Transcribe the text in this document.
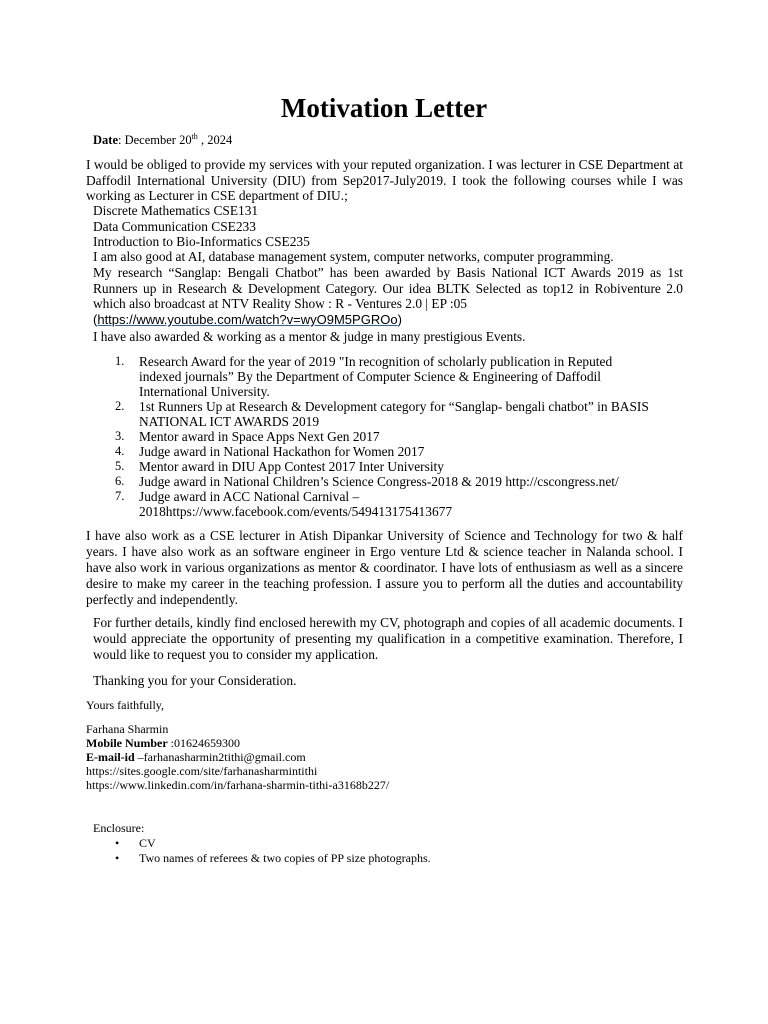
Motivation Letter
Date: December 20th , 2024

I would be obliged to provide my services with your reputed organization. I was lecturer in CSE Department at Daffodil International University (DIU) from Sep2017-July2019. I took the following courses while I was working as Lecturer in CSE department of DIU.;

Discrete Mathematics CSE131
Data Communication CSE233
Introduction to Bio-Informatics CSE235
I am also good at AI, database management system, computer networks, computer programming.

My research “Sanglap: Bengali Chatbot” has been awarded by Basis National ICT Awards 2019 as 1st Runners up in Research & Development Category. Our idea BLTK Selected as top12 in Robiventure 2.0 which also broadcast at NTV Reality Show : R - Ventures 2.0 | EP :05

(https://www.youtube.com/watch?v=wyO9M5PGROo)
I have also awarded & working as a mentor & judge in many prestigious Events.
1. Research Award for the year of 2019 "In recognition of scholarly publication in Reputed indexed journals” By the Department of Computer Science & Engineering of Daffodil International University.
2. 1st Runners Up at Research & Development category for “Sanglap- bengali chatbot” in BASIS NATIONAL ICT AWARDS 2019
3. Mentor award in Space Apps Next Gen 2017
4. Judge award in National Hackathon for Women 2017
5. Mentor award in DIU App Contest 2017 Inter University
6. Judge award in National Children’s Science Congress-2018 & 2019 http://cscongress.net/
7. Judge award in ACC National Carnival – 2018https://www.facebook.com/events/549413175413677

I have also work as a CSE lecturer in Atish Dipankar University of Science and Technology for two & half years. I have also work as an software engineer in Ergo venture Ltd & science teacher in Nalanda school. I have also work in various organizations as mentor & coordinator. I have lots of enthusiasm as well as a sincere desire to make my career in the teaching profession. I assure you to perform all the duties and accountability perfectly and independently.

For further details, kindly find enclosed herewith my CV, photograph and copies of all academic documents. I would appreciate the opportunity of presenting my qualification in a competitive examination. Therefore, I would like to request you to consider my application.

Thanking you for your Consideration.
Yours faithfully,
Farhana Sharmin
Mobile Number :01624659300
E-mail-id –farhanasharmin2tithi@gmail.com
https://sites.google.com/site/farhanasharmintithi
https://www.linkedin.com/in/farhana-sharmin-tithi-a3168b227/
Enclosure:
• CV
• Two names of referees & two copies of PP size photographs.
